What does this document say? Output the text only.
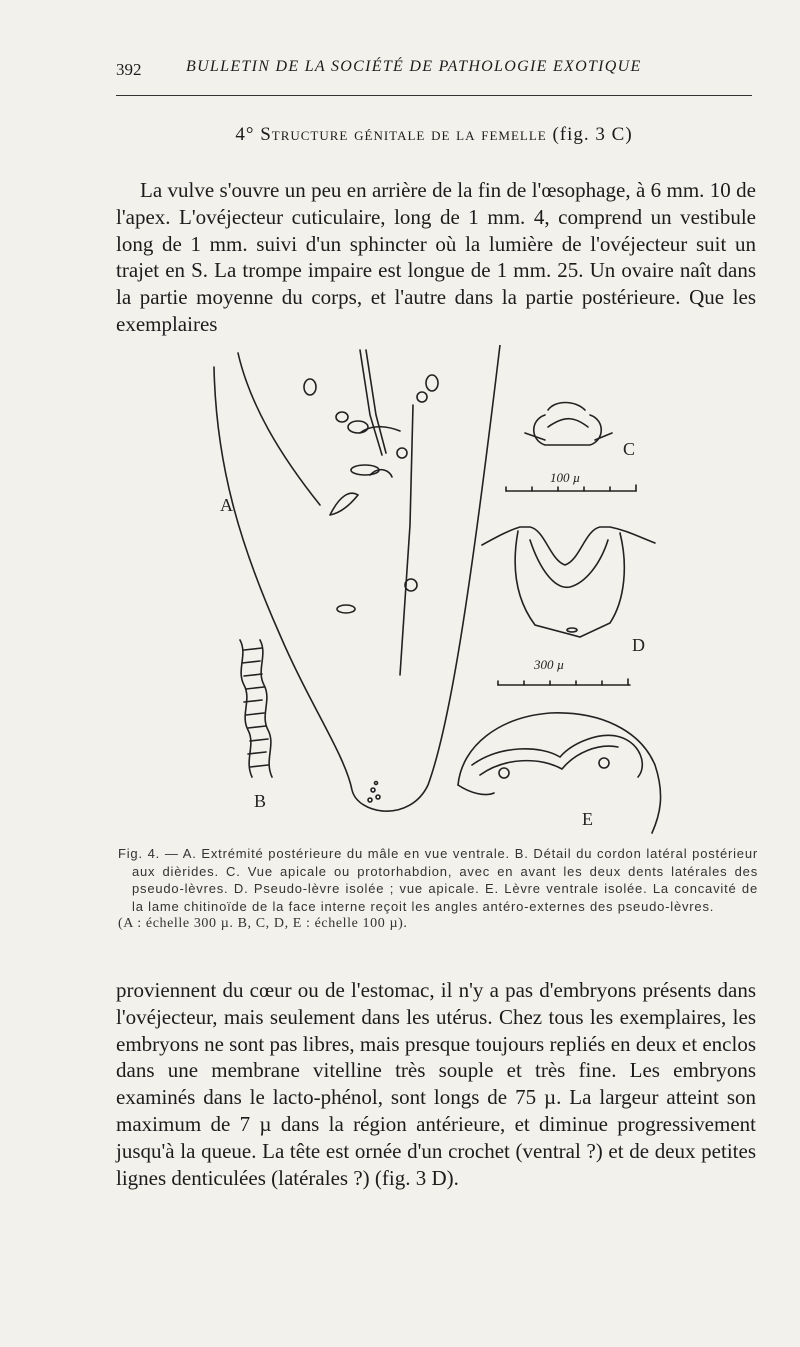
392	BULLETIN DE LA SOCIÉTÉ DE PATHOLOGIE EXOTIQUE
4° Structure génitale de la femelle (fig. 3 C)

La vulve s'ouvre un peu en arrière de la fin de l'œsophage, à 6 mm. 10 de l'apex. L'ovéjecteur cuticulaire, long de 1 mm. 4, comprend un vestibule long de 1 mm. suivi d'un sphincter où la lumière de l'ovéjecteur suit un trajet en S. La trompe impaire est longue de 1 mm. 25. Un ovaire naît dans la partie moyenne du corps, et l'autre dans la partie postérieure. Que les exemplaires

A
B
C
D
E
100 µ
300 µ

Fig. 4. — A. Extrémité postérieure du mâle en vue ventrale. B. Détail du cordon latéral postérieur aux dièrides. C. Vue apicale ou protorhabdion, avec en avant les deux dents latérales des pseudo-lèvres. D. Pseudo-lèvre isolée ; vue apicale. E. Lèvre ventrale isolée. La concavité de la lame chitinoïde de la face interne reçoit les angles antéro-externes des pseudo-lèvres.

(A : échelle 300 µ. B, C, D, E : échelle 100 µ).

proviennent du cœur ou de l'estomac, il n'y a pas d'embryons présents dans l'ovéjecteur, mais seulement dans les utérus. Chez tous les exemplaires, les embryons ne sont pas libres, mais presque toujours repliés en deux et enclos dans une membrane vitelline très souple et très fine. Les embryons examinés dans le lacto-phénol, sont longs de 75 µ. La largeur atteint son maximum de 7 µ dans la région antérieure, et diminue progressivement jusqu'à la queue. La tête est ornée d'un crochet (ventral ?) et de deux petites lignes denticulées (latérales ?) (fig. 3 D).
